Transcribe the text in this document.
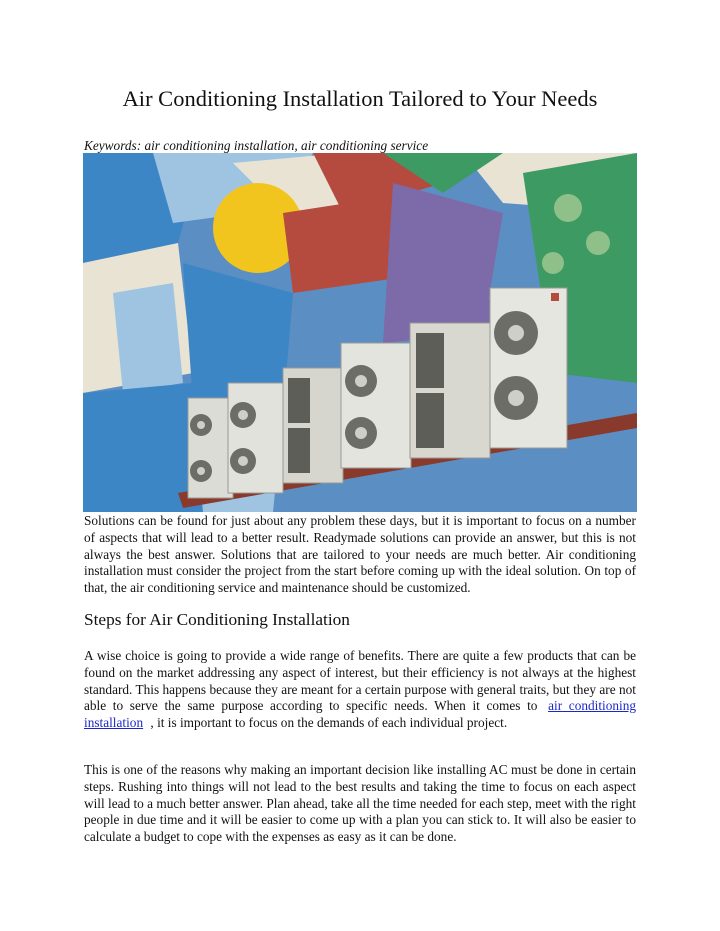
Air Conditioning Installation Tailored to Your Needs

Keywords: air conditioning installation, air conditioning service

Solutions can be found for just about any problem these days, but it is important to focus on a number of aspects that will lead to a better result. Readymade solutions can provide an answer, but this is not always the best answer. Solutions that are tailored to your needs are much better. Air conditioning installation must consider the project from the start before coming up with the ideal solution. On top of that, the air conditioning service and maintenance should be customized.

Steps for Air Conditioning Installation

A wise choice is going to provide a wide range of benefits. There are quite a few products that can be found on the market addressing any aspect of interest, but their efficiency is not always at the highest standard. This happens because they are meant for a certain purpose with general traits, but they are not able to serve the same purpose according to specific needs. When it comes to air conditioning installation , it is important to focus on the demands of each individual project.

This is one of the reasons why making an important decision like installing AC must be done in certain steps. Rushing into things will not lead to the best results and taking the time to focus on each aspect will lead to a much better answer. Plan ahead, take all the time needed for each step, meet with the right people in due time and it will be easier to come up with a plan you can stick to. It will also be easier to calculate a budget to cope with the expenses as easy as it can be done.
